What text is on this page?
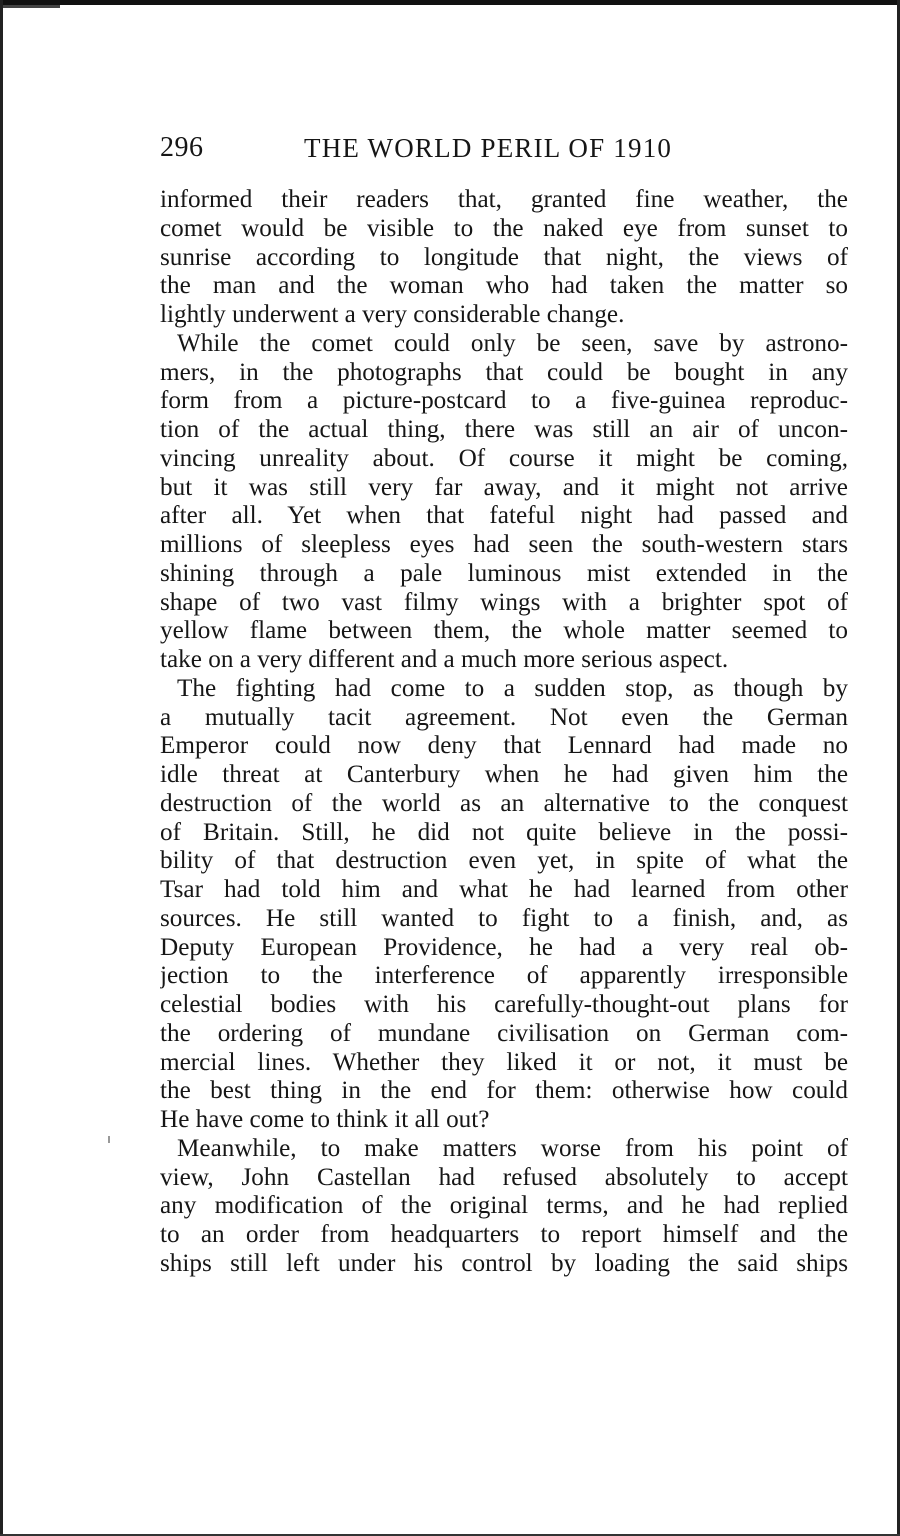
296	THE WORLD PERIL OF 1910
informed their readers that, granted fine weather, the
comet would be visible to the naked eye from sunset to
sunrise according to longitude that night, the views of
the man and the woman who had taken the matter so
lightly underwent a very considerable change.
While the comet could only be seen, save by astrono-
mers, in the photographs that could be bought in any
form from a picture-postcard to a five-guinea reproduc-
tion of the actual thing, there was still an air of uncon-
vincing unreality about. Of course it might be coming,
but it was still very far away, and it might not arrive
after all. Yet when that fateful night had passed and
millions of sleepless eyes had seen the south-western stars
shining through a pale luminous mist extended in the
shape of two vast filmy wings with a brighter spot of
yellow flame between them, the whole matter seemed to
take on a very different and a much more serious aspect.
The fighting had come to a sudden stop, as though by
a mutually tacit agreement. Not even the German
Emperor could now deny that Lennard had made no
idle threat at Canterbury when he had given him the
destruction of the world as an alternative to the conquest
of Britain. Still, he did not quite believe in the possi-
bility of that destruction even yet, in spite of what the
Tsar had told him and what he had learned from other
sources. He still wanted to fight to a finish, and, as
Deputy European Providence, he had a very real ob-
jection to the interference of apparently irresponsible
celestial bodies with his carefully-thought-out plans for
the ordering of mundane civilisation on German com-
mercial lines. Whether they liked it or not, it must be
the best thing in the end for them: otherwise how could
He have come to think it all out?
Meanwhile, to make matters worse from his point of
view, John Castellan had refused absolutely to accept
any modification of the original terms, and he had replied
to an order from headquarters to report himself and the
ships still left under his control by loading the said ships
